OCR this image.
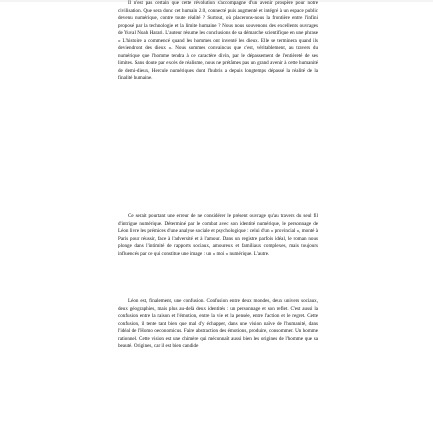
Il n'est pas certain que cette révolution s'accompagne d'un avenir prospère pour notre civilisation. Que sera donc cet humain 2.0, connecté puis augmenté et intégré à un espace public devenu numérique, contre toute réalité ? Surtout, où placerons-nous la frontière entre l'infini proposé par la technologie et la limite humaine ? Nous nous souvenons des excellents ouvrages de Yuval Noah Harari. L'auteur résume les conclusions de sa démarche scientifique en une phrase « L'histoire a commencé quand les hommes ont inventé les dieux. Elle se terminera quand ils deviendront des dieux ». Nous sommes convaincus que c'est, véritablement, au travers du numérique que l'homme tendra à ce caractère divin, par le dépassement de l'entièreté de ses limites. Sans doute par excès de réalisme, nous ne prétâmes pas un grand avenir à cette humanité de demi-dieux, Hercule numériques dont l'hubris a depuis longtemps dépassé la réalité de la finalité humaine.

Ce serait pourtant une erreur de ne considérer le présent ouvrage qu'au travers du seul fil d'intrigue numérique. Déterminé par le combat avec son identité numérique, le personnage de Léon livre les prémices d'une analyse sociale et psychologique : celui d'un « provincial », monté à Paris pour réussir, face à l'adversité et à l'amour. Dans un registre parfois idéal, le roman nous plonge dans l'intimité de rapports sociaux, amoureux et familiaux complexes, mais toujours influencés par ce qui constitue une image : un « moi » numérique. L'autre.

Léon est, finalement, une confusion. Confusion entre deux mondes, deux univers sociaux, deux géographies, mais plus au-delà deux identités : un personnage et son reflet. C'est aussi la confusion entre la raison et l'émotion, entre la vie et la pensée, entre l'action et le regret. Cette confusion, il tente tant bien que mal d'y échapper, dans une vision naïve de l'humanité, dans l'idéal de l'Homo oeconomicus. Faire abstraction des émotions, produire, consommer. Un homme rationnel. Cette vision est une chimère qui méconnaît aussi bien les origines de l'homme que sa beauté. Origines, car il est bien candide
